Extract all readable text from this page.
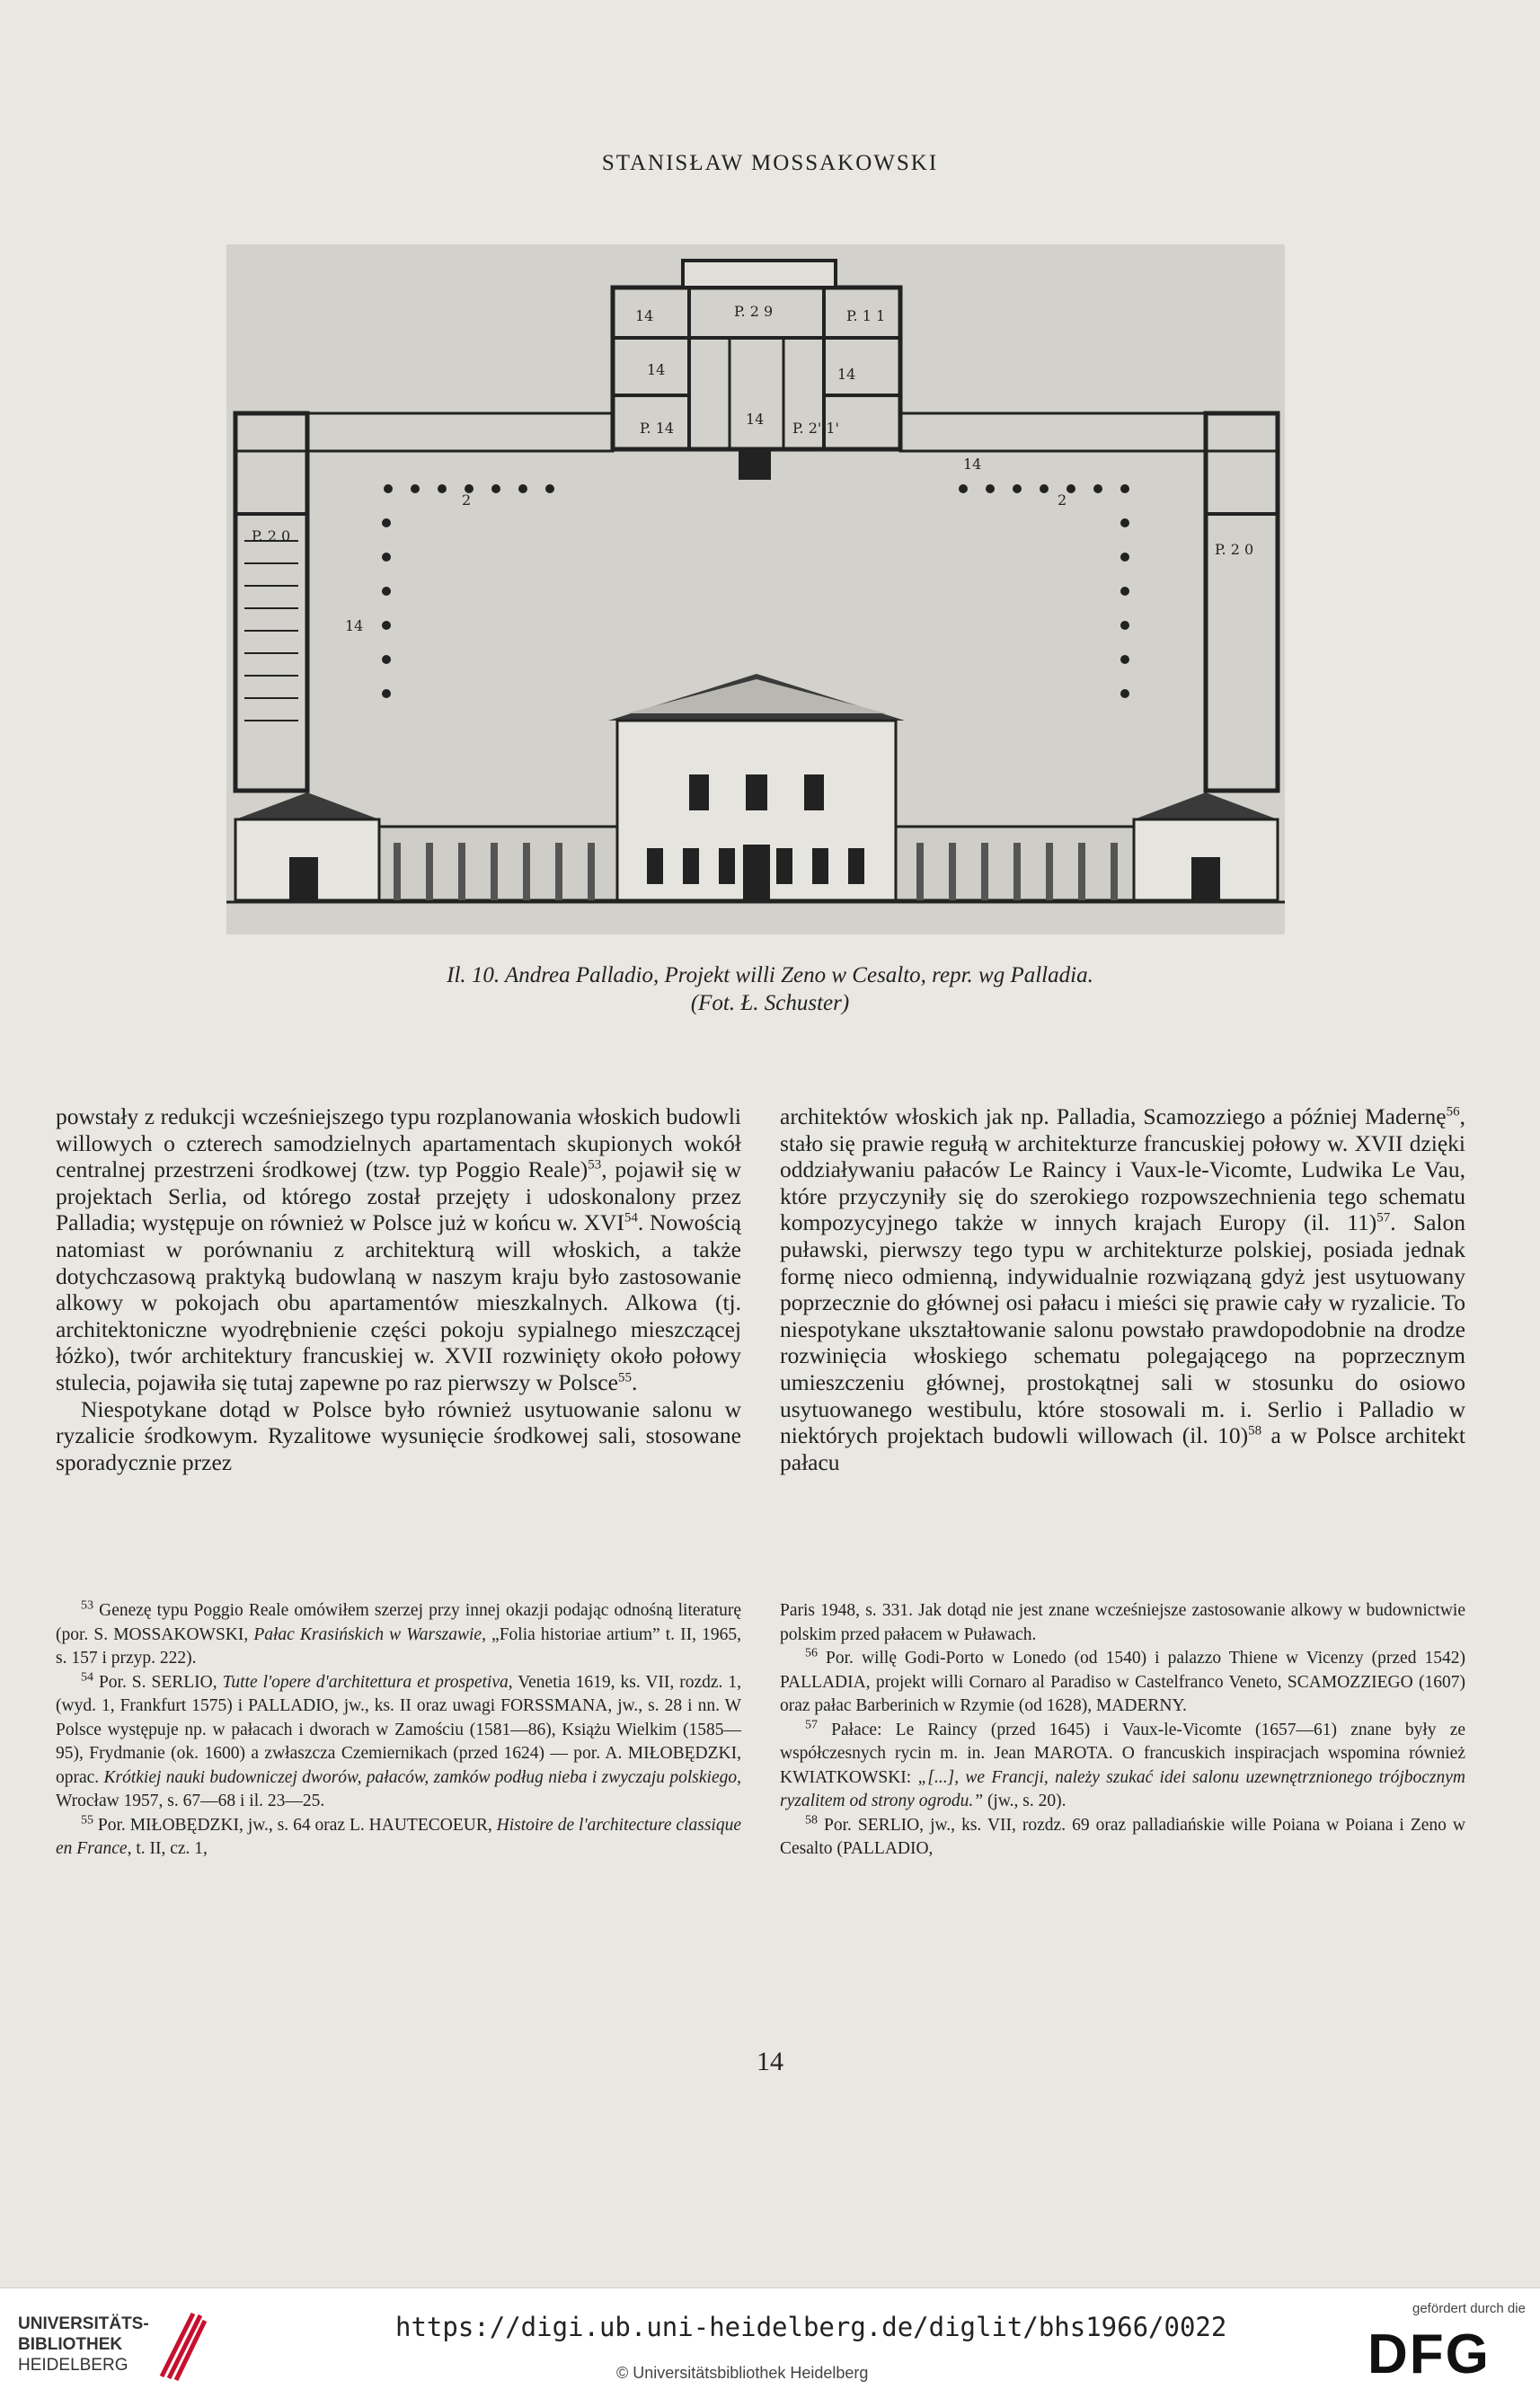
STANISŁAW MOSSAKOWSKI
14	P. 2 9	P. 1 1
14	14
14
P. 14	P. 2' 1'
14
2	2
P. 2 0
P. 2 0
14
Il. 10. Andrea Palladio, Projekt willi Zeno w Cesalto, repr. wg Palladia.
(Fot. Ł. Schuster)

powstały z redukcji wcześniejszego typu rozplanowania włoskich budowli willowych o czterech samodzielnych apartamentach skupionych wokół centralnej przestrzeni środkowej (tzw. typ Poggio Reale)$^{53}$, pojawił się w projektach Serlia, od którego został przejęty i udoskonalony przez Palladia; występuje on również w Polsce już w końcu w. XVI$^{54}$. Nowością natomiast w porównaniu z architekturą will włoskich, a także dotychczasową praktyką budowlaną w naszym kraju było zastosowanie alkowy w pokojach obu apartamentów mieszkalnych. Alkowa (tj. architektoniczne wyodrębnienie części pokoju sypialnego mieszczącej łóżko), twór architektury francuskiej w. XVII rozwinięty około połowy stulecia, pojawiła się tutaj zapewne po raz pierwszy w Polsce$^{55}$.

Niespotykane dotąd w Polsce było również usytuowanie salonu w ryzalicie środkowym. Ryzalitowe wysunięcie środkowej sali, stosowane sporadycznie przez

architektów włoskich jak np. Palladia, Scamozziego a później Madernę$^{56}$, stało się prawie regułą w architekturze francuskiej połowy w. XVII dzięki oddziaływaniu pałaców Le Raincy i Vaux-le-Vicomte, Ludwika Le Vau, które przyczyniły się do szerokiego rozpowszechnienia tego schematu kompozycyjnego także w innych krajach Europy (il. 11)$^{57}$. Salon puławski, pierwszy tego typu w architekturze polskiej, posiada jednak formę nieco odmienną, indywidualnie rozwiązaną gdyż jest usytuowany poprzecznie do głównej osi pałacu i mieści się prawie cały w ryzalicie. To niespotykane ukształtowanie salonu powstało prawdopodobnie na drodze rozwinięcia włoskiego schematu polegającego na poprzecznym umieszczeniu głównej, prostokątnej sali w stosunku do osiowo usytuowanego westibulu, które stosowali m. i. Serlio i Palladio w niektórych projektach budowli willowach (il. 10)$^{58}$ a w Polsce architekt pałacu

$^{53}$ Genezę typu Poggio Reale omówiłem szerzej przy innej okazji podając odnośną literaturę (por. S. MOSSAKOWSKI, Pałac Krasińskich w Warszawie, „Folia historiae artium” t. II, 1965, s. 157 i przyp. 222).

$^{54}$ Por. S. SERLIO, Tutte l'opere d'architettura et prospetiva, Venetia 1619, ks. VII, rozdz. 1, (wyd. 1, Frankfurt 1575) i PALLADIO, jw., ks. II oraz uwagi FORSSMANA, jw., s. 28 i nn. W Polsce występuje np. w pałacach i dworach w Zamościu (1581—86), Książu Wielkim (1585—95), Frydmanie (ok. 1600) a zwłaszcza Czemiernikach (przed 1624) — por. A. MIŁOBĘDZKI, oprac. Krótkiej nauki budowniczej dworów, pałaców, zamków podług nieba i zwyczaju polskiego, Wrocław 1957, s. 67—68 i il. 23—25.

$^{55}$ Por. MIŁOBĘDZKI, jw., s. 64 oraz L. HAUTECOEUR, Histoire de l'architecture classique en France, t. II, cz. 1,

Paris 1948, s. 331. Jak dotąd nie jest znane wcześniejsze zastosowanie alkowy w budownictwie polskim przed pałacem w Puławach.

$^{56}$ Por. willę Godi-Porto w Lonedo (od 1540) i palazzo Thiene w Vicenzy (przed 1542) PALLADIA, projekt willi Cornaro al Paradiso w Castelfranco Veneto, SCAMOZZIEGO (1607) oraz pałac Barberinich w Rzymie (od 1628), MADERNY.

$^{57}$ Pałace: Le Raincy (przed 1645) i Vaux-le-Vicomte (1657—61) znane były ze współczesnych rycin m. in. Jean MAROTA. O francuskich inspiracjach wspomina również KWIATKOWSKI: „[...], we Francji, należy szukać idei salonu uzewnętrznionego trójbocznym ryzalitem od strony ogrodu.” (jw., s. 20).

$^{58}$ Por. SERLIO, jw., ks. VII, rozdz. 69 oraz palladiańskie wille Poiana w Poiana i Zeno w Cesalto (PALLADIO,

14
UNIVERSITÄTS-
BIBLIOTHEK
HEIDELBERG
https://digi.ub.uni-heidelberg.de/diglit/bhs1966/0022
© Universitätsbibliothek Heidelberg
gefördert durch die
DFG
